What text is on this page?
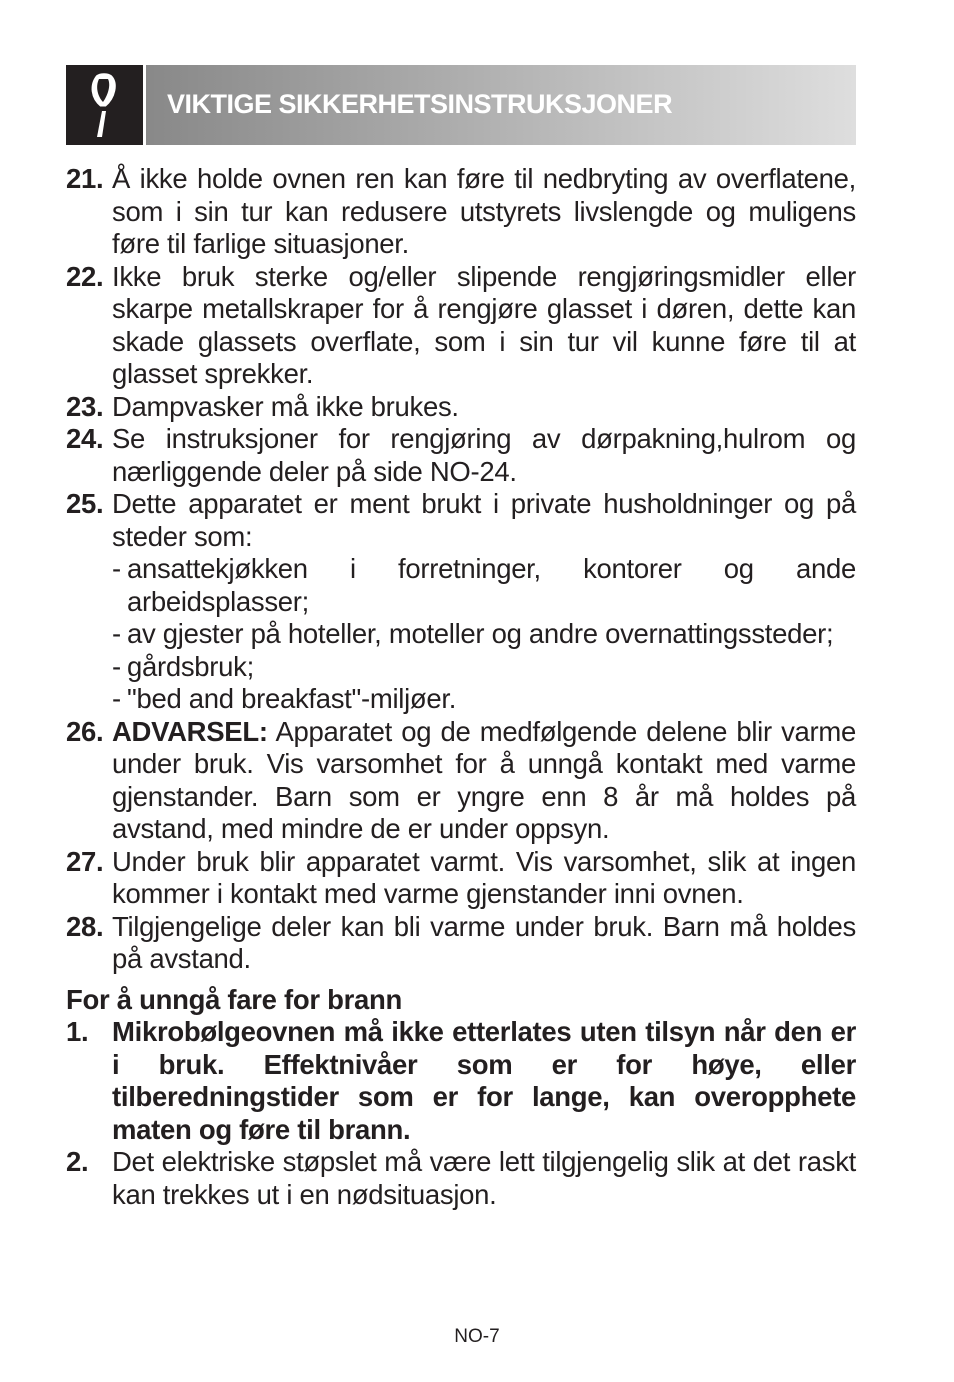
VIKTIGE SIKKERHETSINSTRUKSJONER
21. Å ikke holde ovnen ren kan føre til nedbryting av overflatene, som i sin tur kan redusere utstyrets livslengde og muligens føre til farlige situasjoner.
22. Ikke bruk sterke og/eller slipende rengjøringsmidler eller skarpe metallskraper for å rengjøre glasset i døren, dette kan skade glassets overflate, som i sin tur vil kunne føre til at glasset sprekker.
23. Dampvasker må ikke brukes.
24. Se instruksjoner for rengjøring av dørpakning,hulrom og nærliggende deler på side NO-24.
25. Dette apparatet er ment brukt i private husholdninger og på steder som:
- ansattekjøkken i forretninger, kontorer og ande arbeidsplasser;
- av gjester på hoteller, moteller og andre overnattingssteder;
- gårdsbruk;
- "bed and breakfast"-miljøer.
26. ADVARSEL: Apparatet og de medfølgende delene blir varme under bruk. Vis varsomhet for å unngå kontakt med varme gjenstander. Barn som er yngre enn 8 år må holdes på avstand, med mindre de er under oppsyn.
27. Under bruk blir apparatet varmt. Vis varsomhet, slik at ingen kommer i kontakt med varme gjenstander inni ovnen.
28. Tilgjengelige deler kan bli varme under bruk. Barn må holdes på avstand.
For å unngå fare for brann
1. Mikrobølgeovnen må ikke etterlates uten tilsyn når den er i bruk. Effektnivåer som er for høye, eller tilberedningstider som er for lange, kan overopphete maten og føre til brann.
2. Det elektriske støpslet må være lett tilgjengelig slik at det raskt kan trekkes ut i en nødsituasjon.
NO-7
